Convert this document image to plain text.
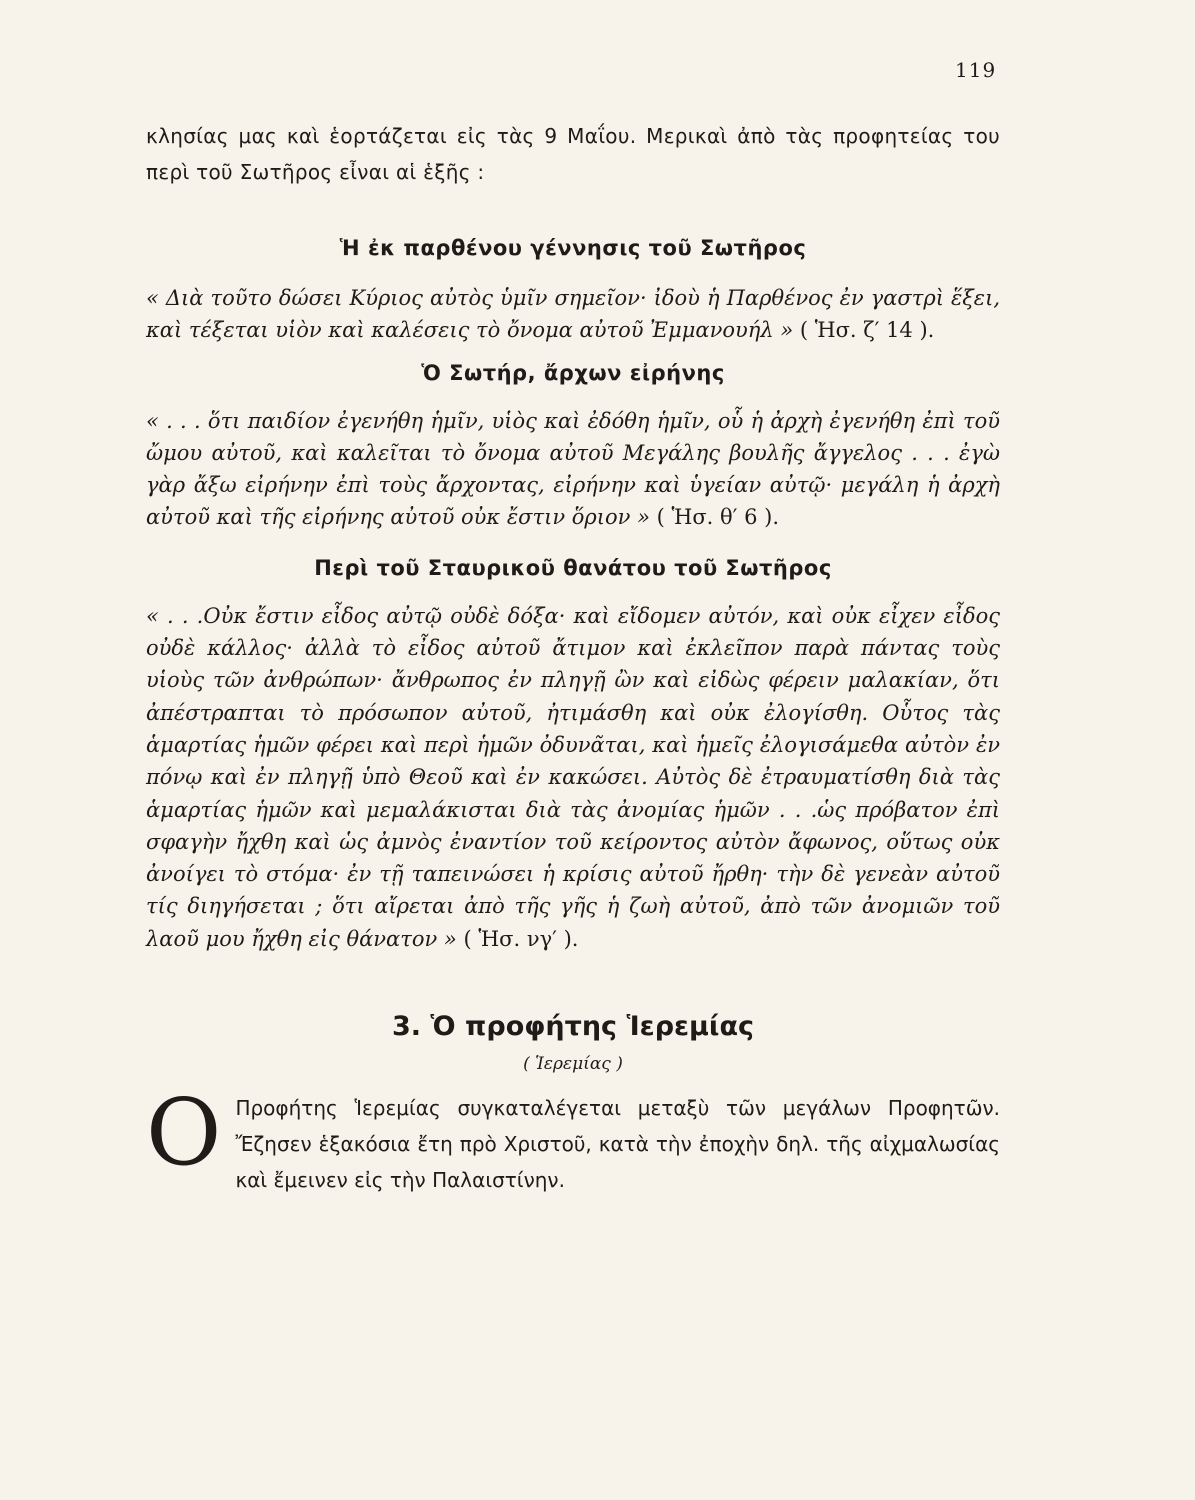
119

κλησίας μας καὶ ἑορτάζεται εἰς τὰς 9 Μαΐου. Μερικαὶ ἀπὸ τὰς προφητείας του περὶ τοῦ Σωτῆρος εἶναι αἱ ἑξῆς :

Ἡ ἐκ παρθένου γέννησις τοῦ Σωτῆρος

« Διὰ τοῦτο δώσει Κύριος αὐτὸς ὑμῖν σημεῖον· ἰδοὺ ἡ Παρθένος ἐν γαστρὶ ἕξει, καὶ τέξεται υἱὸν καὶ καλέσεις τὸ ὄνομα αὐτοῦ Ἐμμανουήλ » ( Ἡσ. ζ′ 14 ).

Ὁ Σωτήρ, ἄρχων εἰρήνης

« . . . ὅτι παιδίον ἐγενήθη ἡμῖν, υἱὸς καὶ ἐδόθη ἡμῖν, οὗ ἡ ἀρχὴ ἐγενήθη ἐπὶ τοῦ ὤμου αὐτοῦ, καὶ καλεῖται τὸ ὄνομα αὐτοῦ Μεγάλης βουλῆς ἄγγελος . . . ἐγὼ γὰρ ἄξω εἰρήνην ἐπὶ τοὺς ἄρχοντας, εἰρήνην καὶ ὑγείαν αὐτῷ· μεγάλη ἡ ἀρχὴ αὐτοῦ καὶ τῆς εἰρήνης αὐτοῦ οὐκ ἔστιν ὅριον » ( Ἡσ. θ′ 6 ).

Περὶ τοῦ Σταυρικοῦ θανάτου τοῦ Σωτῆρος

« . . .Οὐκ ἔστιν εἶδος αὐτῷ οὐδὲ δόξα· καὶ εἴδομεν αὐτόν, καὶ οὐκ εἶχεν εἶδος οὐδὲ κάλλος· ἀλλὰ τὸ εἶδος αὐτοῦ ἄτιμον καὶ ἐκλεῖπον παρὰ πάντας τοὺς υἱοὺς τῶν ἀνθρώπων· ἄνθρωπος ἐν πληγῇ ὢν καὶ εἰδὼς φέρειν μαλακίαν, ὅτι ἀπέστραπται τὸ πρόσωπον αὐτοῦ, ἠτιμάσθη καὶ οὐκ ἐλογίσθη. Οὗτος τὰς ἁμαρτίας ἡμῶν φέρει καὶ περὶ ἡμῶν ὀδυνᾶται, καὶ ἡμεῖς ἐλογισάμεθα αὐτὸν ἐν πόνῳ καὶ ἐν πληγῇ ὑπὸ Θεοῦ καὶ ἐν κακώσει. Αὐτὸς δὲ ἐτραυματίσθη διὰ τὰς ἁμαρτίας ἡμῶν καὶ μεμαλάκισται διὰ τὰς ἀνομίας ἡμῶν . . .ὡς πρόβατον ἐπὶ σφαγὴν ἤχθη καὶ ὡς ἀμνὸς ἐναντίον τοῦ κείροντος αὐτὸν ἄφωνος, οὕτως οὐκ ἀνοίγει τὸ στόμα· ἐν τῇ ταπεινώσει ἡ κρίσις αὐτοῦ ἤρθη· τὴν δὲ γενεὰν αὐτοῦ τίς διηγήσεται ; ὅτι αἴρεται ἀπὸ τῆς γῆς ἡ ζωὴ αὐτοῦ, ἀπὸ τῶν ἀνομιῶν τοῦ λαοῦ μου ἤχθη εἰς θάνατον » ( Ἡσ. νγ′ ).

3. Ὁ προφήτης Ἱερεμίας

( Ἱερεμίας )

Ο Προφήτης Ἱερεμίας συγκαταλέγεται μεταξὺ τῶν μεγάλων Προφητῶν. Ἔζησεν ἑξακόσια ἔτη πρὸ Χριστοῦ, κατὰ τὴν ἐποχὴν δηλ. τῆς αἰχμαλωσίας καὶ ἔμεινεν εἰς τὴν Παλαιστίνην.
